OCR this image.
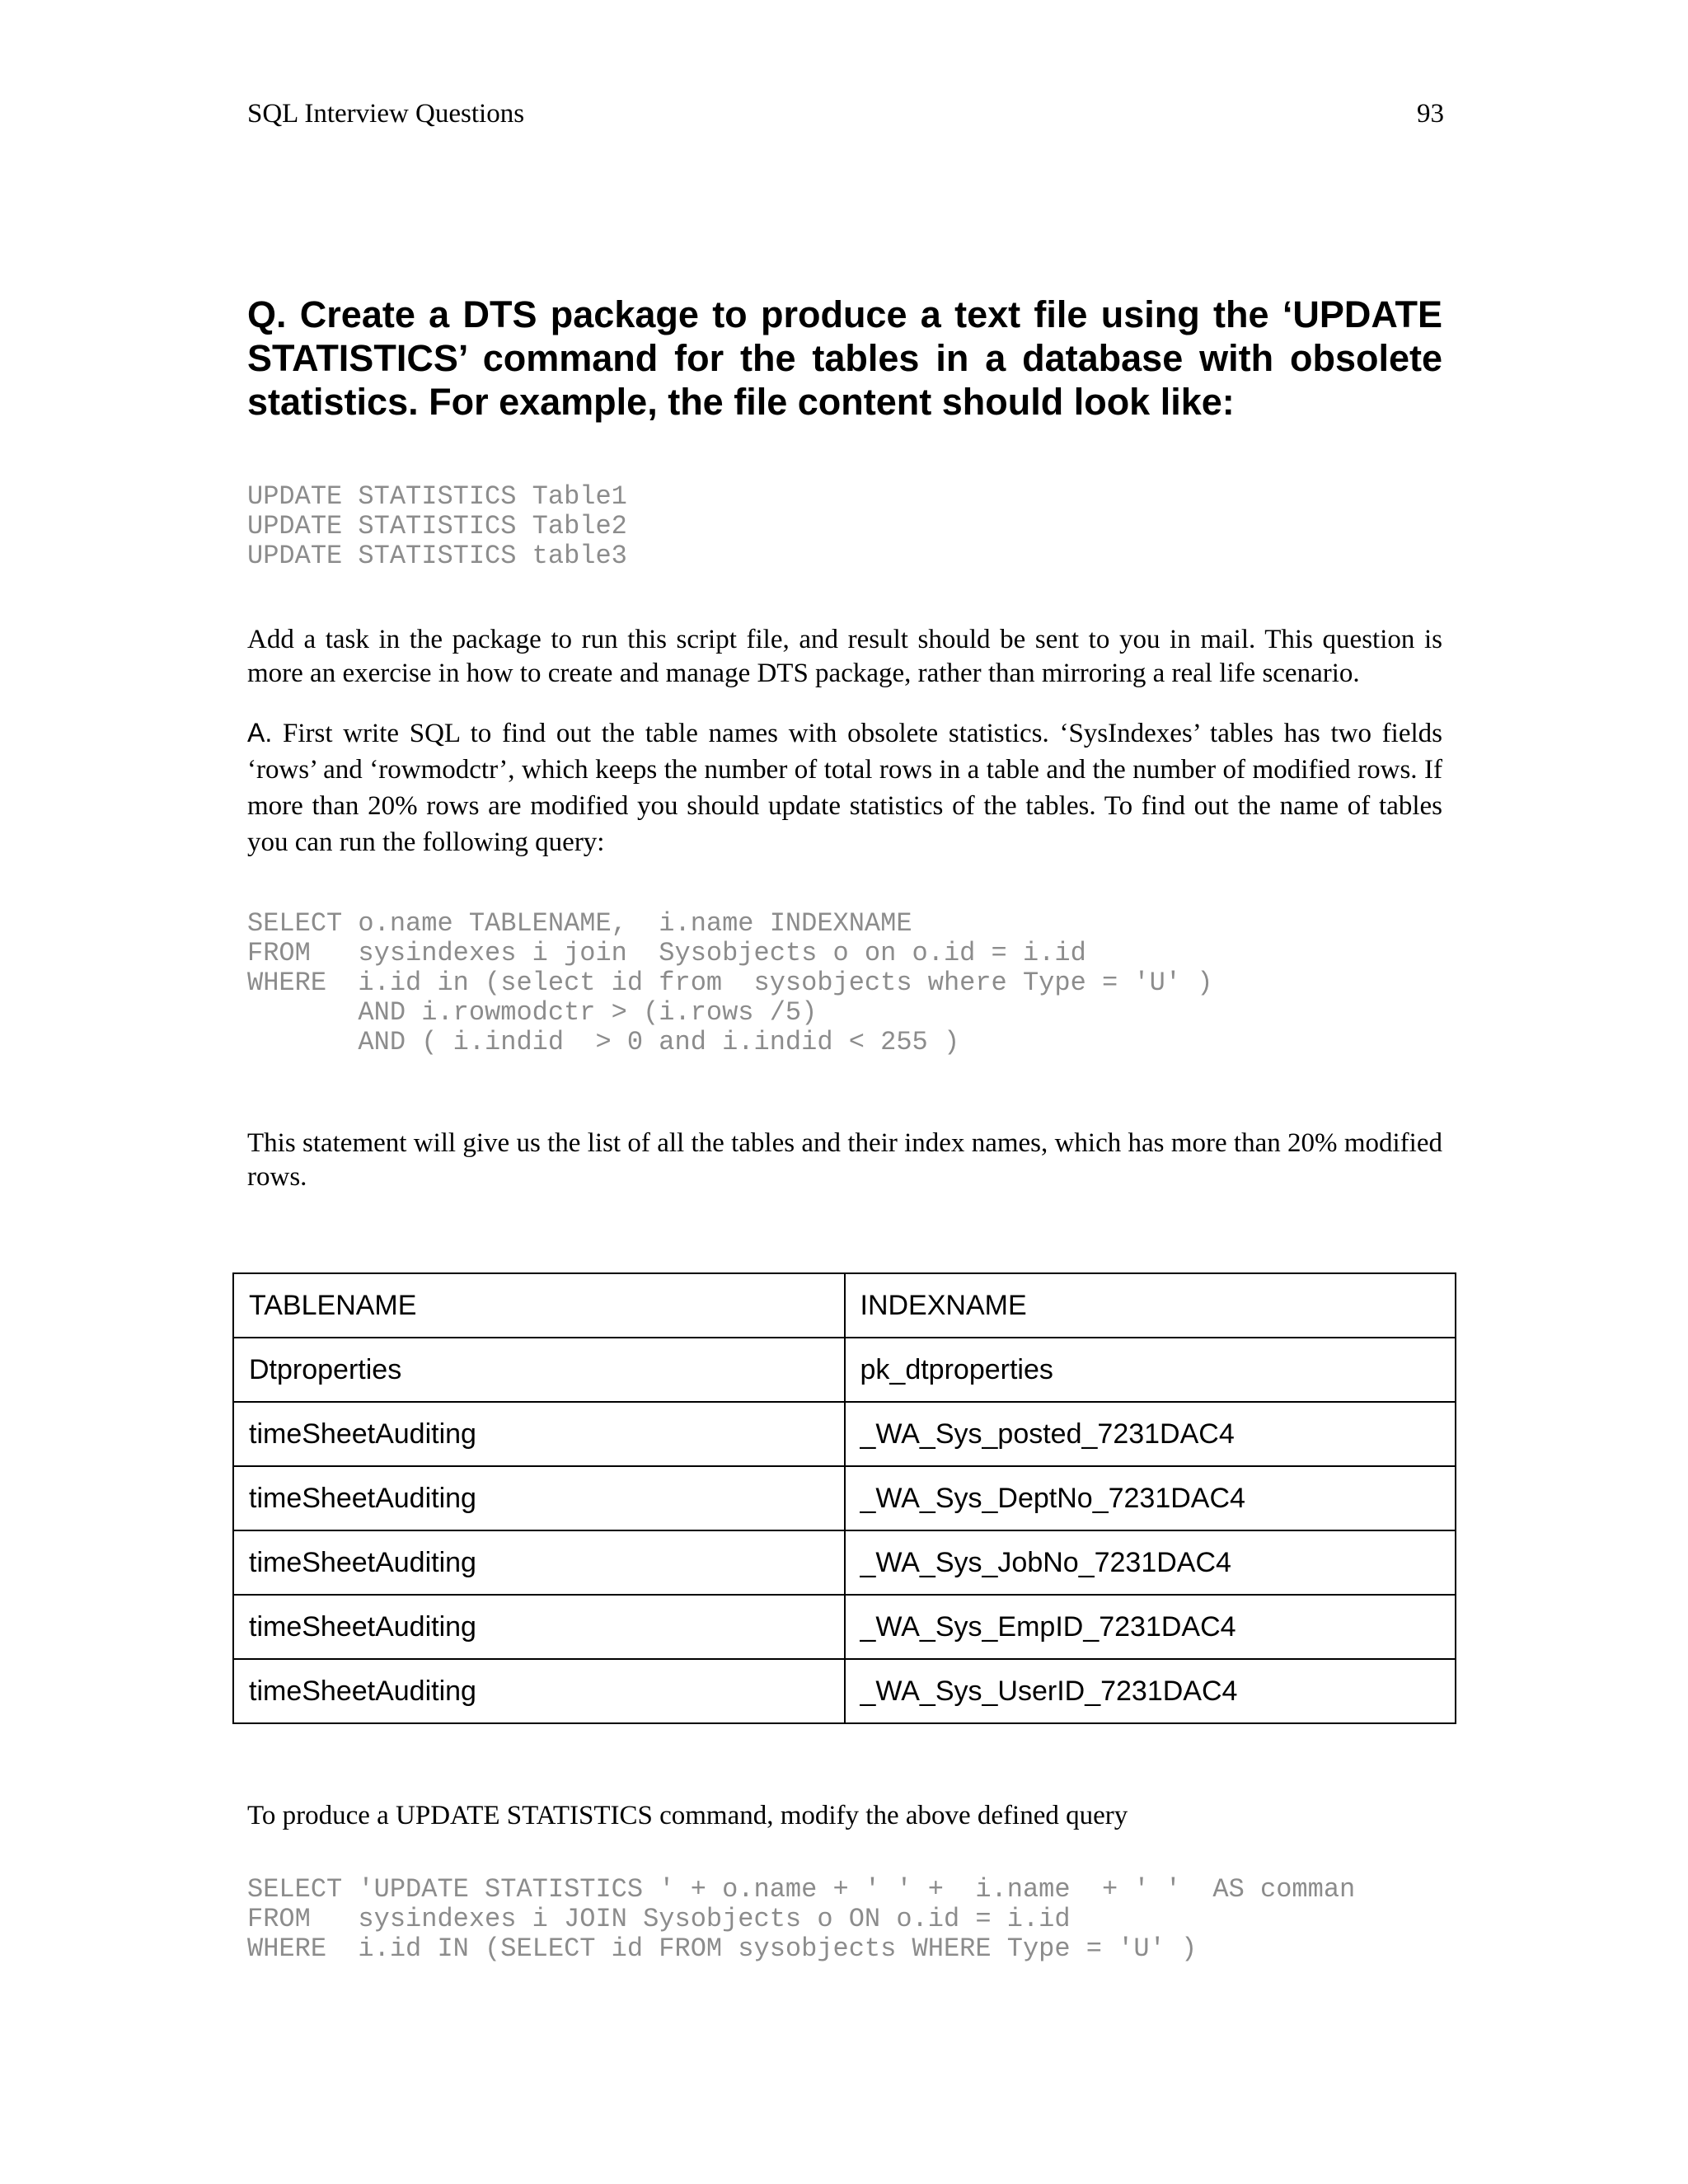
SQL Interview Questions	93
Q. Create a DTS package to produce a text file using the ‘UPDATE STATISTICS’ command for the tables in a database with obsolete statistics. For example, the file content should look like:
UPDATE STATISTICS Table1
UPDATE STATISTICS Table2
UPDATE STATISTICS table3

Add a task in the package to run this script file, and result should be sent to you in mail. This question is more an exercise in how to create and manage DTS package, rather than mirroring a real life scenario.

A. First write SQL to find out the table names with obsolete statistics. ‘SysIndexes’ tables has two fields ‘rows’ and ‘rowmodctr’, which keeps the number of total rows in a table and the number of modified rows. If more than 20% rows are modified you should update statistics of the tables. To find out the name of tables you can run the following query:

SELECT o.name TABLENAME,  i.name INDEXNAME
FROM   sysindexes i join  Sysobjects o on o.id = i.id
WHERE  i.id in (select id from  sysobjects where Type = 'U' )
AND i.rowmodctr > (i.rows /5)
AND ( i.indid  > 0 and i.indid < 255 )

This statement will give us the list of all the tables and their index names, which has more than 20% modified rows.

TABLENAME	INDEXNAME
Dtproperties	pk_dtproperties
timeSheetAuditing	_WA_Sys_posted_7231DAC4
timeSheetAuditing	_WA_Sys_DeptNo_7231DAC4
timeSheetAuditing	_WA_Sys_JobNo_7231DAC4
timeSheetAuditing	_WA_Sys_EmpID_7231DAC4
timeSheetAuditing	_WA_Sys_UserID_7231DAC4

To produce a UPDATE STATISTICS command, modify the above defined query

SELECT 'UPDATE STATISTICS ' + o.name + ' ' +  i.name  + ' '  AS comman
FROM   sysindexes i JOIN Sysobjects o ON o.id = i.id
WHERE  i.id IN (SELECT id FROM sysobjects WHERE Type = 'U' )
